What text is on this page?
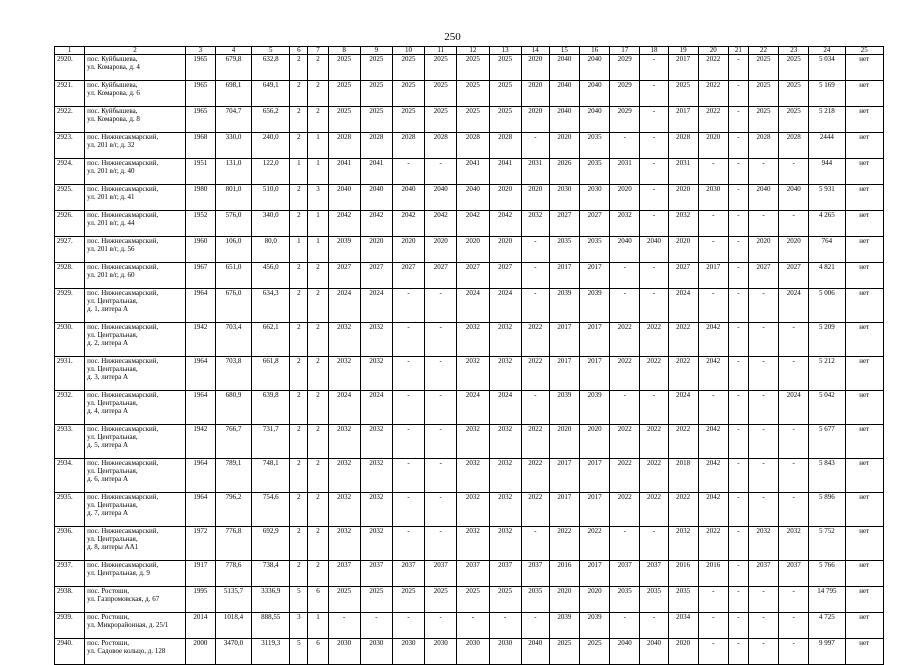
250
1	2	3	4	5	6	7	8	9	10	11	12	13	14	15	16	17	18	19	20	21	22	23	24	25
2920.	пос. Куйбышева,
ул. Комарова, д. 4	1965	679,8	632,8	2	2	2025	2025	2025	2025	2025	2025	2020	2040	2040	2029	-	2017	2022	-	2025	2025	5 034	нет
2921.	пос. Куйбышева,
ул. Комарова, д. 6	1965	698,1	649,1	2	2	2025	2025	2025	2025	2025	2025	2020	2040	2040	2029	-	2025	2022	-	2025	2025	5 169	нет
2922.	пос. Куйбышева,
ул. Комарова, д. 8	1965	704,7	656,2	2	2	2025	2025	2025	2025	2025	2025	2020	2040	2040	2029	-	2017	2022	-	2025	2025	5 218	нет
2923.	пос. Нижнесакмарский,
ул. 201 в/г, д. 32	1968	330,0	240,0	2	1	2028	2028	2028	2028	2028	2028	-	2020	2035	-	-	2028	2020	-	2028	2028	2444	нет
2924.	пос. Нижнесакмарский,
ул. 201 в/г, д. 40	1951	131,0	122,0	1	1	2041	2041	-	-	2041	2041	2031	2026	2035	2031	-	2031	-	-	-	-	944	нет
2925.	пос. Нижнесакмарский,
ул. 201 в/г, д. 41	1980	801,0	510,0	2	3	2040	2040	2040	2040	2040	2020	2020	2030	2030	2020	-	2020	2030	-	2040	2040	5 931	нет
2926.	пос. Нижнесакмарский,
ул. 201 в/г, д. 44	1952	576,0	340,0	2	1	2042	2042	2042	2042	2042	2042	2032	2027	2027	2032	-	2032	-	-	-	-	4 265	нет
2927.	пос. Нижнесакмарский,
ул. 201 в/г, д. 56	1960	106,0	80,0	1	1	2039	2020	2020	2020	2020	2020	-	2035	2035	2040	2040	2020	-	-	2020	2020	764	нет
2928.	пос. Нижнесакмарский,
ул. 201 в/г, д. 60	1967	651,0	456,0	2	2	2027	2027	2027	2027	2027	2027	-	2017	2017	-	-	2027	2017	-	2027	2027	4 821	нет
2929.	пос. Нижнесакмарский,
ул. Центральная,
д. 1, литера А	1964	676,0	634,3	2	2	2024	2024	-	-	2024	2024	-	2039	2039	-	-	2024	-	-	-	2024	5 006	нет
2930.	пос. Нижнесакмарский,
ул. Центральная,
д. 2, литера А	1942	703,4	662,1	2	2	2032	2032	-	-	2032	2032	2022	2017	2017	2022	2022	2022	2042	-	-	-	5 209	нет
2931.	пос. Нижнесакмарский,
ул. Центральная,
д. 3, литера А	1964	703,8	661,8	2	2	2032	2032	-	-	2032	2032	2022	2017	2017	2022	2022	2022	2042	-	-	-	5 212	нет
2932.	пос. Нижнесакмарский,
ул. Центральная,
д. 4, литера А	1964	680,9	639,8	2	2	2024	2024	-	-	2024	2024	-	2039	2039	-	-	2024	-	-	-	2024	5 042	нет
2933.	пос. Нижнесакмарский,
ул. Центральная,
д. 5, литера А	1942	766,7	731,7	2	2	2032	2032	-	-	2032	2032	2022	2020	2020	2022	2022	2022	2042	-	-	-	5 677	нет
2934.	пос. Нижнесакмарский,
ул. Центральная,
д. 6, литера А	1964	789,1	748,1	2	2	2032	2032	-	-	2032	2032	2022	2017	2017	2022	2022	2018	2042	-	-	-	5 843	нет
2935.	пос. Нижнесакмарский,
ул. Центральная,
д. 7, литера А	1964	796,2	754,6	2	2	2032	2032	-	-	2032	2032	2022	2017	2017	2022	2022	2022	2042	-	-	-	5 896	нет
2936.	пос. Нижнесакмарский,
ул. Центральная,
д. 8, литеры АА1	1972	776,8	692,9	2	2	2032	2032	-	-	2032	2032	-	2022	2022	-	-	2032	2022	-	2032	2032	5 752	нет
2937.	пос. Нижнесакмарский,
ул. Центральная, д. 9	1917	778,6	738,4	2	2	2037	2037	2037	2037	2037	2037	2037	2016	2017	2037	2037	2016	2016	-	2037	2037	5 766	нет
2938.	пос. Ростоши,
ул. Газпромовская, д. 67	1995	5135,7	3336,9	5	6	2025	2025	2025	2025	2025	2025	2035	2020	2020	2035	2035	2035	-	-	-	-	14 795	нет
2939.	пос. Ростоши,
ул. Микрорайонная, д. 25/1	2014	1018,4	888,55	3	1	-	-	-	-	-	-	-	2039	2039	-	-	2034	-	-	-	-	4 725	нет
2940.	пос. Ростоши,
ул. Садовое кольцо, д. 128	2000	3470,0	3119,3	5	6	2030	2030	2030	2030	2030	2030	2040	2025	2025	2040	2040	2020	-	-	-	-	9 997	нет
